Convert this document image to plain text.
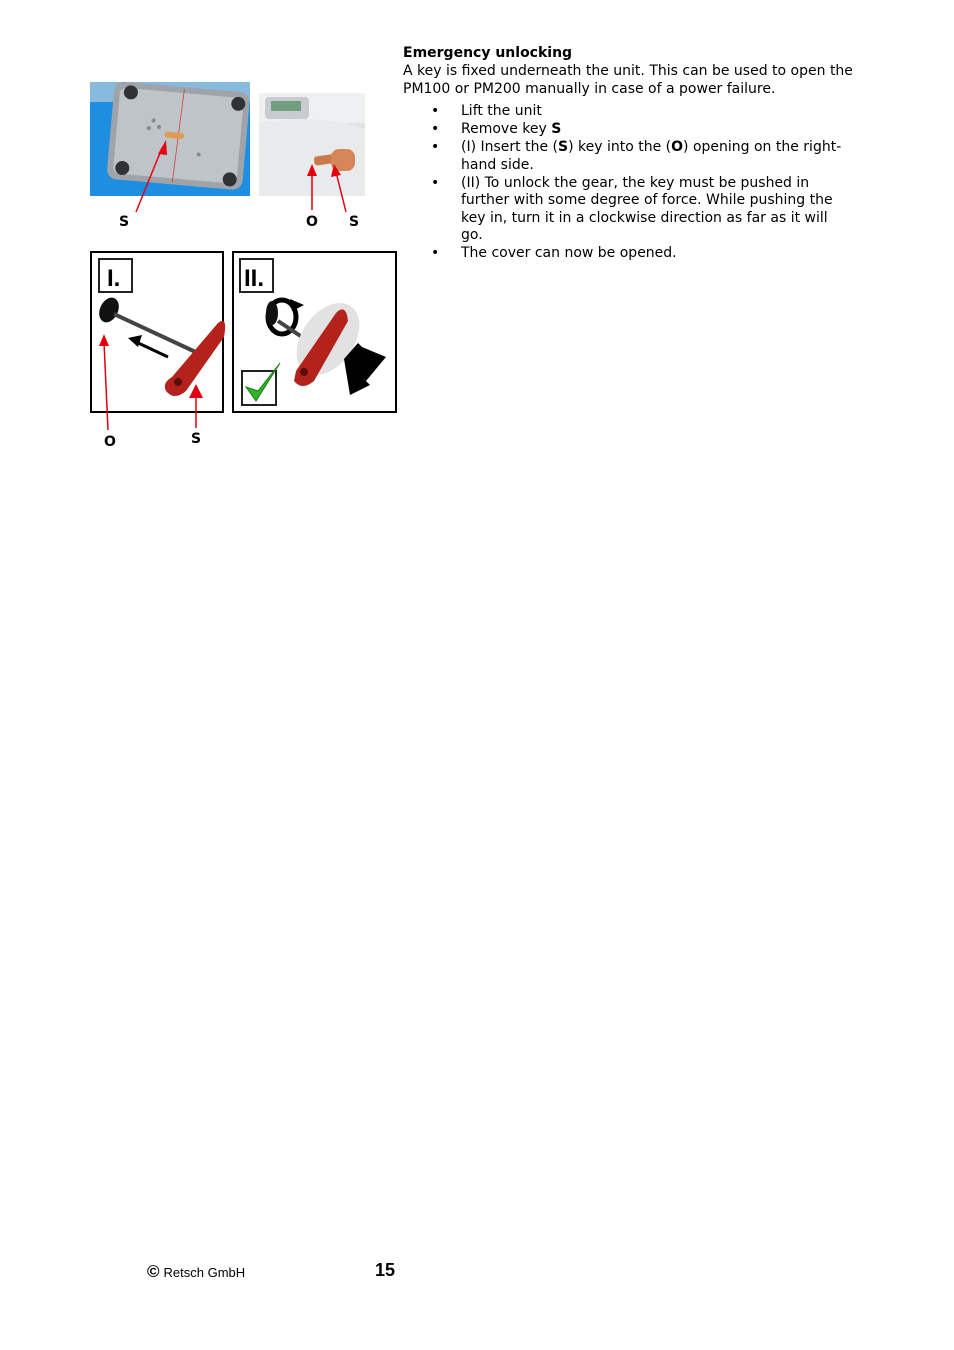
Emergency unlocking
A key is fixed underneath the unit. This can be used to open the PM100 or PM200 manually in case of a power failure.
• Lift the unit
• Remove key S
• (I) Insert the (S) key into the (O) opening on the right-hand side.
• (II) To unlock the gear, the key must be pushed in further with some degree of force. While pushing the key in, turn it in a clockwise direction as far as it will go.
• The cover can now be opened.
S	O S
I.	II.
O	S
© Retsch GmbH	15
